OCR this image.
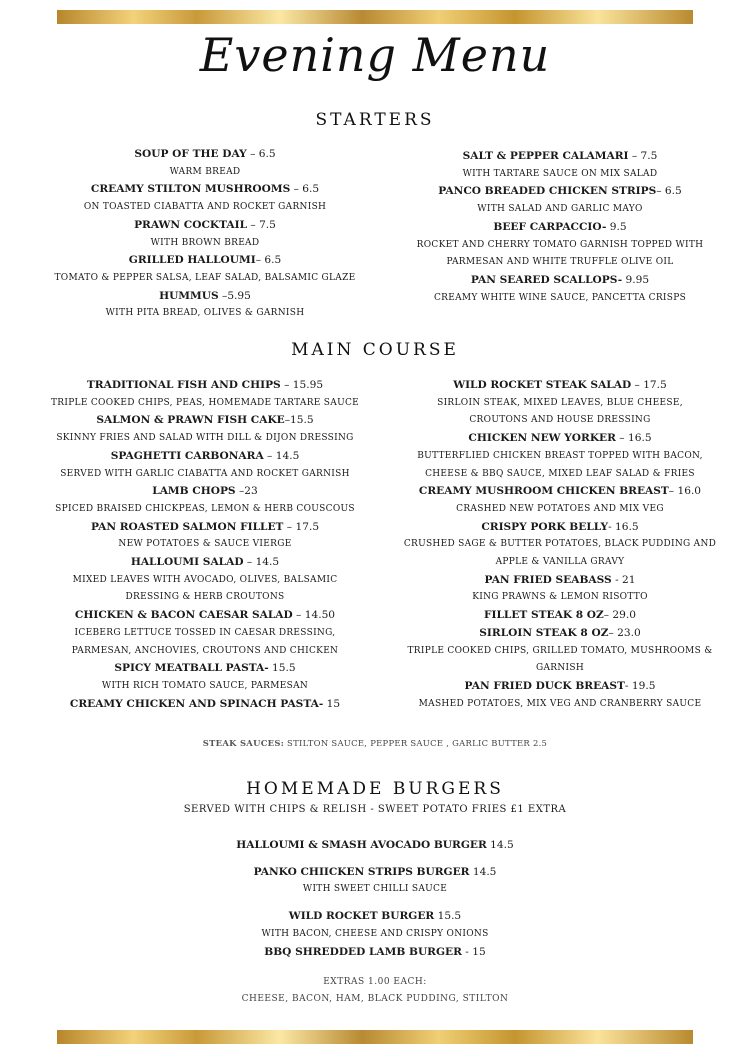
Evening Menu
STARTERS
SOUP OF THE DAY – 6.5
WARM BREAD
CREAMY STILTON MUSHROOMS – 6.5
ON TOASTED CIABATTA AND ROCKET GARNISH
PRAWN COCKTAIL – 7.5
WITH BROWN BREAD
GRILLED HALLOUMI– 6.5
TOMATO & PEPPER SALSA, LEAF SALAD, BALSAMIC GLAZE
HUMMUS –5.95
WITH PITA BREAD, OLIVES & GARNISH
SALT & PEPPER CALAMARI – 7.5
WITH TARTARE SAUCE ON MIX SALAD
PANCO BREADED CHICKEN STRIPS– 6.5
WITH SALAD AND GARLIC MAYO
BEEF CARPACCIO- 9.5
ROCKET AND CHERRY TOMATO GARNISH TOPPED WITH
PARMESAN AND WHITE TRUFFLE OLIVE OIL
PAN SEARED SCALLOPS- 9.95
CREAMY WHITE WINE SAUCE, PANCETTA CRISPS
MAIN COURSE
TRADITIONAL FISH AND CHIPS – 15.95
TRIPLE COOKED CHIPS, PEAS, HOMEMADE TARTARE SAUCE
SALMON & PRAWN FISH CAKE–15.5
SKINNY FRIES AND SALAD WITH DILL & DIJON DRESSING
SPAGHETTI CARBONARA – 14.5
SERVED WITH GARLIC CIABATTA AND ROCKET GARNISH
LAMB CHOPS –23
SPICED BRAISED CHICKPEAS, LEMON & HERB COUSCOUS
PAN ROASTED SALMON FILLET – 17.5
NEW POTATOES & SAUCE VIERGE
HALLOUMI SALAD – 14.5
MIXED LEAVES WITH AVOCADO, OLIVES, BALSAMIC
DRESSING & HERB CROUTONS
CHICKEN & BACON CAESAR SALAD – 14.50
ICEBERG LETTUCE TOSSED IN CAESAR DRESSING,
PARMESAN, ANCHOVIES, CROUTONS AND CHICKEN
SPICY MEATBALL PASTA- 15.5
WITH RICH TOMATO SAUCE, PARMESAN
CREAMY CHICKEN AND SPINACH PASTA- 15
WILD ROCKET STEAK SALAD – 17.5
SIRLOIN STEAK, MIXED LEAVES, BLUE CHEESE,
CROUTONS AND HOUSE DRESSING
CHICKEN NEW YORKER – 16.5
BUTTERFLIED CHICKEN BREAST TOPPED WITH BACON,
CHEESE & BBQ SAUCE, MIXED LEAF SALAD & FRIES
CREAMY MUSHROOM CHICKEN BREAST– 16.0
CRASHED NEW POTATOES AND MIX VEG
CRISPY PORK BELLY- 16.5
CRUSHED SAGE & BUTTER POTATOES, BLACK PUDDING AND
APPLE & VANILLA GRAVY
PAN FRIED SEABASS - 21
KING PRAWNS & LEMON RISOTTO
FILLET STEAK 8 OZ– 29.0
SIRLOIN STEAK 8 OZ– 23.0
TRIPLE COOKED CHIPS, GRILLED TOMATO, MUSHROOMS &
GARNISH
PAN FRIED DUCK BREAST- 19.5
MASHED POTATOES, MIX VEG AND CRANBERRY SAUCE
STEAK SAUCES: STILTON SAUCE, PEPPER SAUCE , GARLIC BUTTER 2.5
HOMEMADE BURGERS
SERVED WITH CHIPS & RELISH - SWEET POTATO FRIES £1 EXTRA
HALLOUMI & SMASH AVOCADO BURGER 14.5
PANKO CHIICKEN STRIPS BURGER 14.5
WITH SWEET CHILLI SAUCE
WILD ROCKET BURGER 15.5
WITH BACON, CHEESE AND CRISPY ONIONS
BBQ SHREDDED LAMB BURGER - 15
EXTRAS 1.00 EACH:
CHEESE, BACON, HAM, BLACK PUDDING, STILTON
